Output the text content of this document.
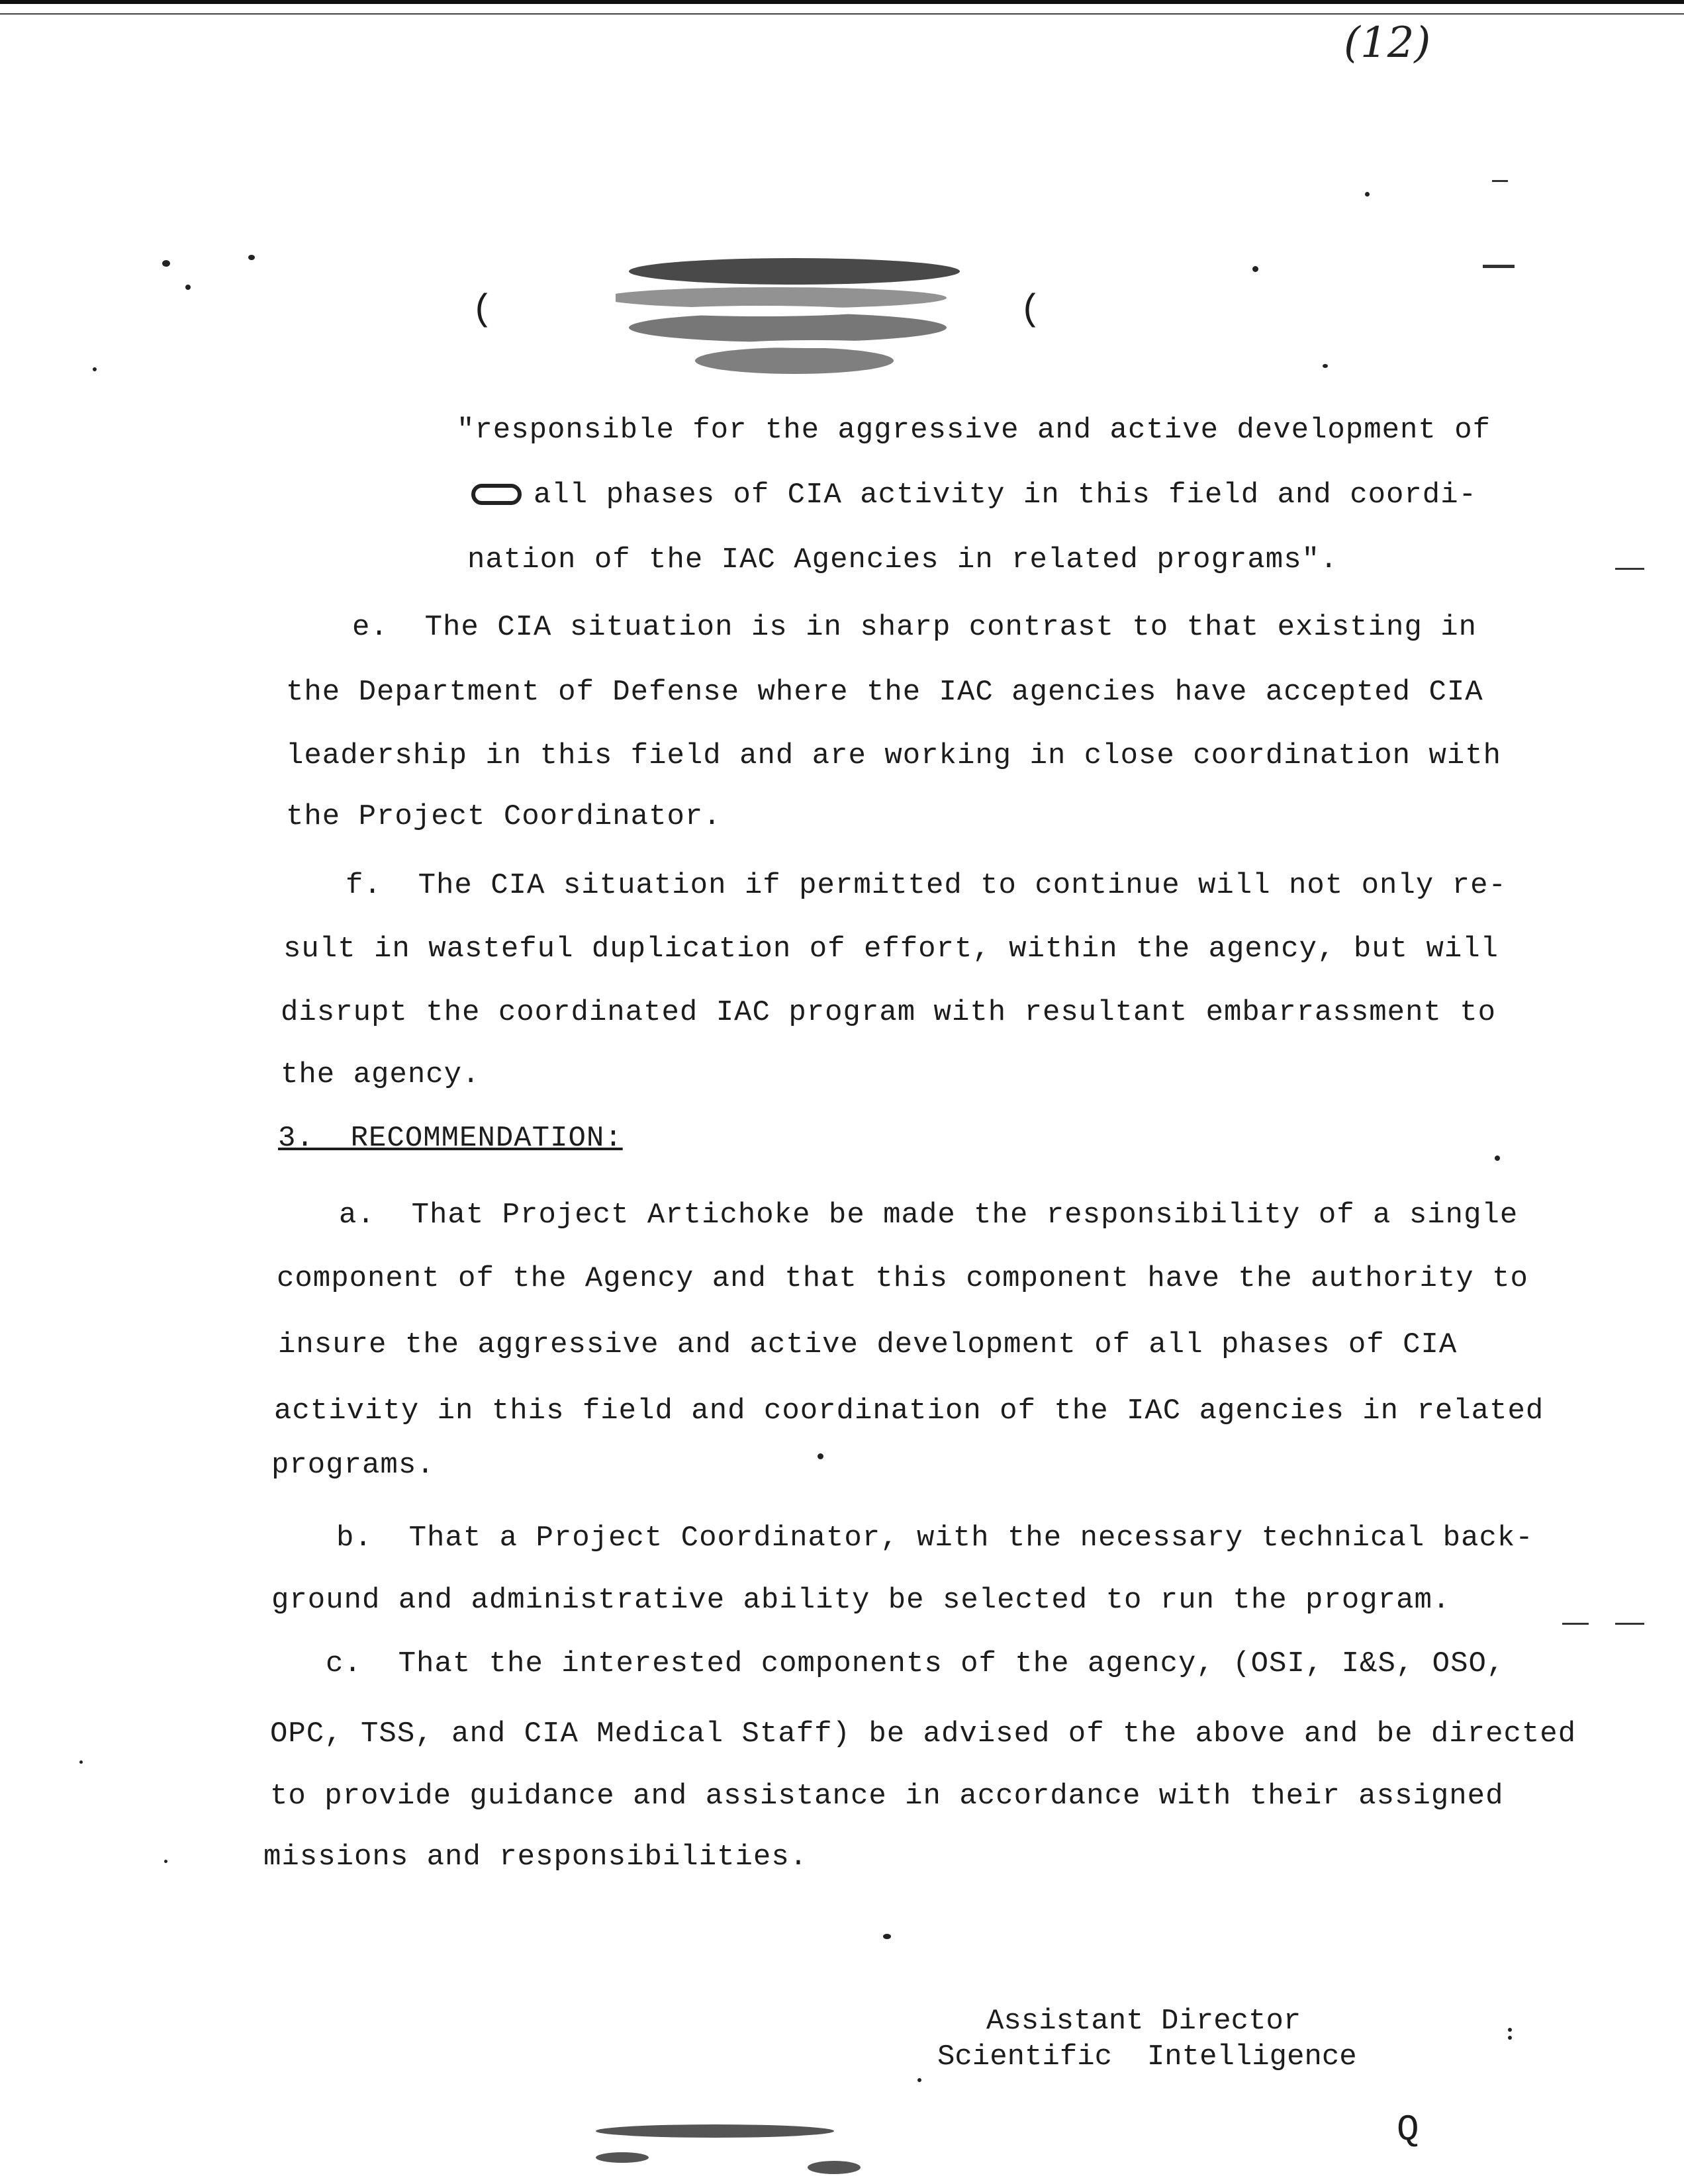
(12)
(	(
"responsible for the aggressive and active development of
all phases of CIA activity in this field and coordi-
nation of the IAC Agencies in related programs".
e.  The CIA situation is in sharp contrast to that existing in
the Department of Defense where the IAC agencies have accepted CIA
leadership in this field and are working in close coordination with
the Project Coordinator.
f.  The CIA situation if permitted to continue will not only re-
sult in wasteful duplication of effort, within the agency, but will
disrupt the coordinated IAC program with resultant embarrassment to
the agency.
3.  RECOMMENDATION:
a.  That Project Artichoke be made the responsibility of a single
component of the Agency and that this component have the authority to
insure the aggressive and active development of all phases of CIA
activity in this field and coordination of the IAC agencies in related
programs.
b.  That a Project Coordinator, with the necessary technical back-
ground and administrative ability be selected to run the program.
c.  That the interested components of the agency, (OSI, I&S, OSO,
OPC, TSS, and CIA Medical Staff) be advised of the above and be directed
to provide guidance and assistance in accordance with their assigned
missions and responsibilities.
Assistant Director
Scientific  Intelligence
Q
